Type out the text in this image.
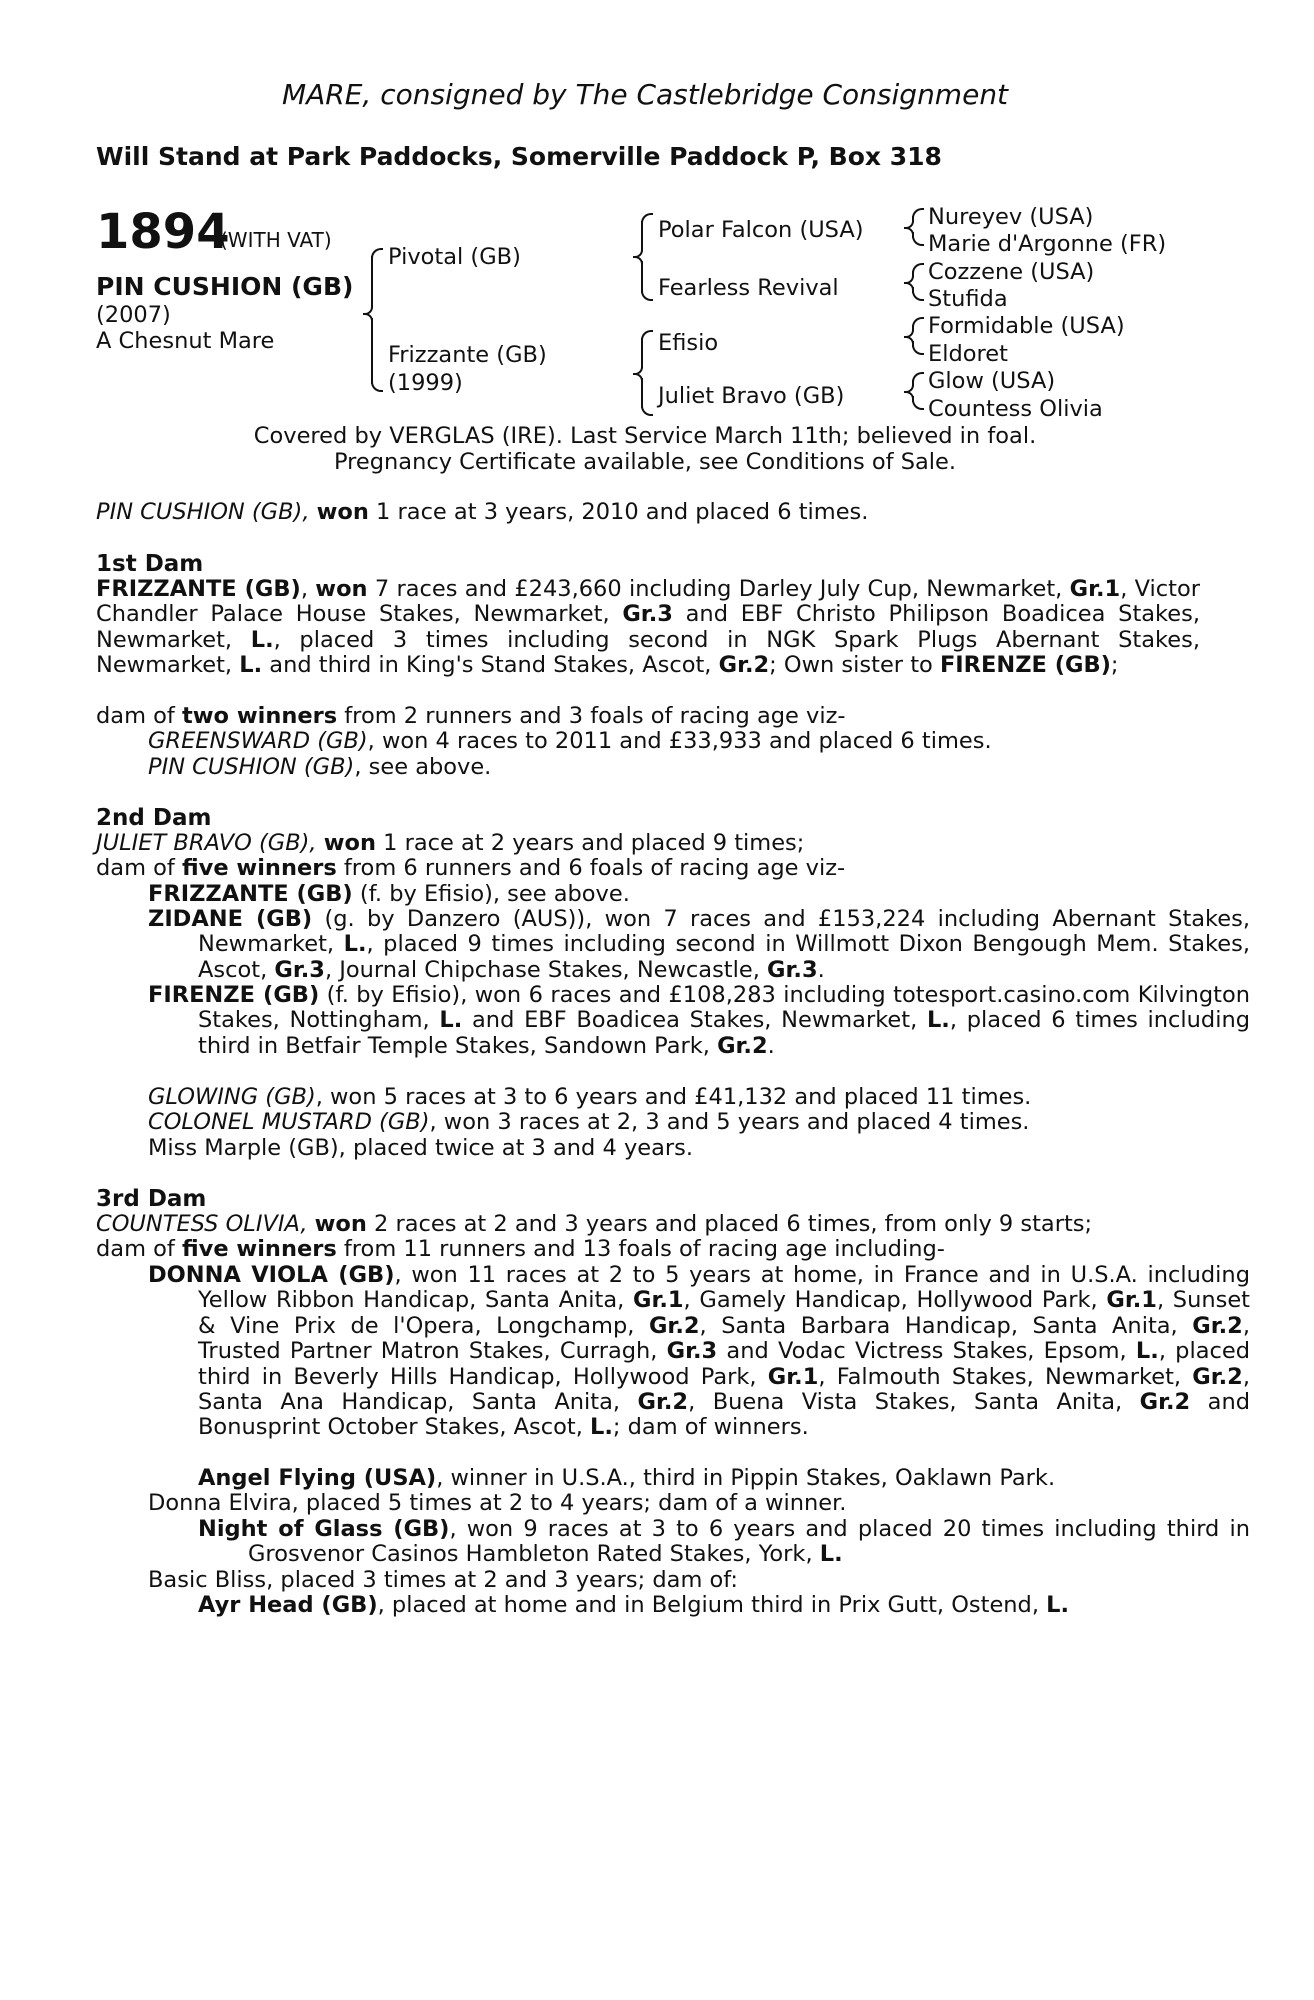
MARE, consigned by The Castlebridge Consignment
Will Stand at Park Paddocks, Somerville Paddock P, Box 318
1894
(WITH VAT)
PIN CUSHION (GB)
(2007)
A Chesnut Mare
Pivotal (GB)
Frizzante (GB)
(1999)
Polar Falcon (USA)
Fearless Revival
Efisio
Juliet Bravo (GB)
Nureyev (USA)
Marie d'Argonne (FR)
Cozzene (USA)
Stufida
Formidable (USA)
Eldoret
Glow (USA)
Countess Olivia
Covered by VERGLAS (IRE). Last Service March 11th; believed in foal.
Pregnancy Certificate available, see Conditions of Sale.
PIN CUSHION (GB), won 1 race at 3 years, 2010 and placed 6 times.
1st Dam
FRIZZANTE (GB), won 7 races and £243,660 including Darley July Cup, Newmarket, Gr.1, Victor Chandler Palace House Stakes, Newmarket, Gr.3 and EBF Christo Philipson Boadicea Stakes, Newmarket, L., placed 3 times including second in NGK Spark Plugs Abernant Stakes, Newmarket, L. and third in King's Stand Stakes, Ascot, Gr.2; Own sister to FIRENZE (GB);
dam of two winners from 2 runners and 3 foals of racing age viz-
GREENSWARD (GB), won 4 races to 2011 and £33,933 and placed 6 times.
PIN CUSHION (GB), see above.
2nd Dam
JULIET BRAVO (GB), won 1 race at 2 years and placed 9 times;
dam of five winners from 6 runners and 6 foals of racing age viz-
FRIZZANTE (GB) (f. by Efisio), see above.
ZIDANE (GB) (g. by Danzero (AUS)), won 7 races and £153,224 including Abernant Stakes, Newmarket, L., placed 9 times including second in Willmott Dixon Bengough Mem. Stakes, Ascot, Gr.3, Journal Chipchase Stakes, Newcastle, Gr.3.
FIRENZE (GB) (f. by Efisio), won 6 races and £108,283 including totesport.casino.com Kilvington Stakes, Nottingham, L. and EBF Boadicea Stakes, Newmarket, L., placed 6 times including third in Betfair Temple Stakes, Sandown Park, Gr.2.
GLOWING (GB), won 5 races at 3 to 6 years and £41,132 and placed 11 times.
COLONEL MUSTARD (GB), won 3 races at 2, 3 and 5 years and placed 4 times.
Miss Marple (GB), placed twice at 3 and 4 years.
3rd Dam
COUNTESS OLIVIA, won 2 races at 2 and 3 years and placed 6 times, from only 9 starts;
dam of five winners from 11 runners and 13 foals of racing age including-
DONNA VIOLA (GB), won 11 races at 2 to 5 years at home, in France and in U.S.A. including Yellow Ribbon Handicap, Santa Anita, Gr.1, Gamely Handicap, Hollywood Park, Gr.1, Sunset & Vine Prix de l'Opera, Longchamp, Gr.2, Santa Barbara Handicap, Santa Anita, Gr.2, Trusted Partner Matron Stakes, Curragh, Gr.3 and Vodac Victress Stakes, Epsom, L., placed third in Beverly Hills Handicap, Hollywood Park, Gr.1, Falmouth Stakes, Newmarket, Gr.2, Santa Ana Handicap, Santa Anita, Gr.2, Buena Vista Stakes, Santa Anita, Gr.2 and Bonusprint October Stakes, Ascot, L.; dam of winners.
Angel Flying (USA), winner in U.S.A., third in Pippin Stakes, Oaklawn Park.
Donna Elvira, placed 5 times at 2 to 4 years; dam of a winner.
Night of Glass (GB), won 9 races at 3 to 6 years and placed 20 times including third in Grosvenor Casinos Hambleton Rated Stakes, York, L.
Basic Bliss, placed 3 times at 2 and 3 years; dam of:
Ayr Head (GB), placed at home and in Belgium third in Prix Gutt, Ostend, L.
